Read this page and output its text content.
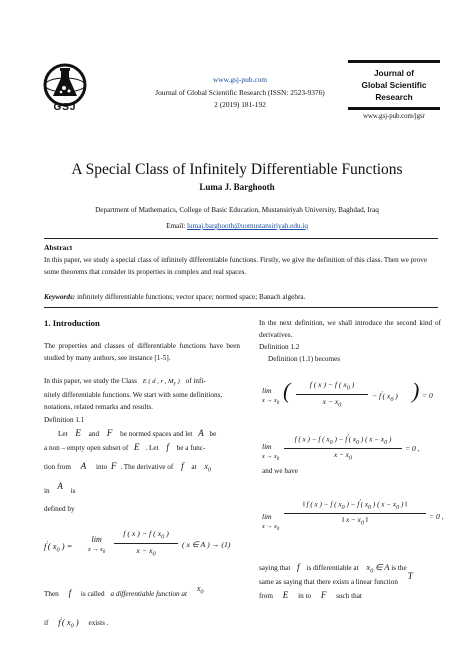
GSJ
www.gsj-pub.com
Journal of Global Scientific Research (ISSN: 2523-9376)
2 (2019) 181-192
Journal of
Global Scientific
Research
www.gsj-pub.com/jgsr
A Special Class of Infinitely Differentiable Functions
Luma J. Barghooth
Department of Mathematics, College of Basic Education, Mustansiriyah University, Baghdad, Iraq
Email: lumaj.barghooth@uomustansiriyah.edu.iq
Abstract
In this paper, we study a special class of infinitely differentiable functions. Firstly, we give the definition of this class. Then we prove some theorems that consider its properties in complex and real spaces.
Keywords: infinitely differentiable functions; vector space; normed space; Banach algebra.
1. Introduction
The properties and classes of differentiable functions have been studied by many authors, see instance [1-5].
In this paper, we study the Class E ( d , r , $M_r$ ) of infi-
nitely differentiable functions. We start with some definitions, notations, related remarks and results.
Definition 1.1
Let E and F be normed spaces and let A be
a non – empty open subset of E . Let f be a func-
tion from A into F . The derivative of f at $x_0$
in A is
defined by
f′( $x_0$ ) =
lim
$x \to x_0$
f ( x ) − f ( $x_0$ )
$x - x_0$
( x ∈ A ) → (1)
Then f is called a differentiable function at $x_0$
if f′( $x_0$ ) exists .
In the next definition, we shall introduce the second kind of derivatives.
Definition 1.2
Definition (1.1) becomes
lim
$x \to x_0$
(	f ( x ) − f ( $x_0$ )
$x - x_0$
− f′( $x_0$ ) ) = 0
lim
$x \to x_0$
f ( x ) − f ( $x_0$ ) − f′( $x_0$ ) ( $x - x_0$ )
$x - x_0$
= 0 ,
and we have
lim
$x \to x_0$
‖ f ( x ) − f ( $x_0$ ) − f′( $x_0$ ) ( $x - x_0$ ) ‖
‖ $x - x_0$ ‖	= 0 ,
saying that f is differentiable at $x_0$ ∈ A is the
same as saying that there exists a linear function T
from E in to F such that
